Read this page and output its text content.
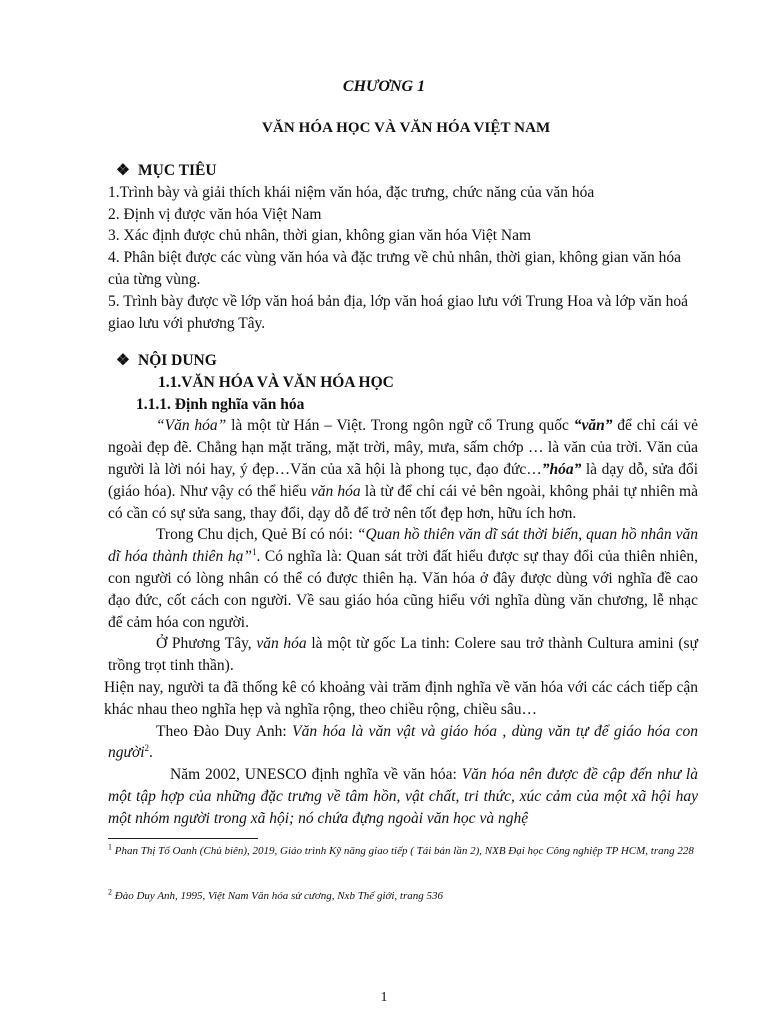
CHƯƠNG 1
VĂN HÓA HỌC VÀ VĂN HÓA VIỆT NAM
❖ MỤC TIÊU
1.Trình bày và giải thích khái niệm văn hóa, đặc trưng, chức năng của văn hóa
2. Định vị được văn hóa Việt Nam
3. Xác định được chủ nhân, thời gian, không gian văn hóa Việt Nam
4. Phân biệt được các vùng văn hóa và đặc trưng về chủ nhân, thời gian, không gian văn hóa của từng vùng.
5. Trình bày được về lớp văn hoá bản địa, lớp văn hoá giao lưu với Trung Hoa và lớp văn hoá giao lưu với phương Tây.
❖ NỘI DUNG
1.1.VĂN HÓA VÀ VĂN HÓA HỌC
1.1.1. Định nghĩa văn hóa
“Văn hóa” là một từ Hán – Việt. Trong ngôn ngữ cổ Trung quốc “văn” để chỉ cái vẻ ngoài đẹp đẽ. Chẳng hạn mặt trăng, mặt trời, mây, mưa, sấm chớp … là văn của trời. Văn của người là lời nói hay, ý đẹp…Văn của xã hội là phong tục, đạo đức…”hóa” là dạy dỗ, sửa đổi (giáo hóa). Như vậy có thể hiểu văn hóa là từ để chỉ cái vẻ bên ngoài, không phải tự nhiên mà có cần có sự sửa sang, thay đổi, dạy dỗ để trở nên tốt đẹp hơn, hữu ích hơn.
Trong Chu dịch, Quẻ Bí có nói: “Quan hồ thiên văn dĩ sát thời biến, quan hồ nhân văn dĩ hóa thành thiên hạ”$^1$. Có nghĩa là: Quan sát trời đất hiểu được sự thay đổi của thiên nhiên, con người có lòng nhân có thể có được thiên hạ. Văn hóa ở đây được dùng với nghĩa đề cao đạo đức, cốt cách con người. Về sau giáo hóa cũng hiểu với nghĩa dùng văn chương, lễ nhạc để cảm hóa con người.
Ở Phương Tây, văn hóa là một từ gốc La tinh: Colere sau trở thành Cultura amini (sự trồng trọt tinh thần).
Hiện nay, người ta đã thống kê có khoảng vài trăm định nghĩa về văn hóa với các cách tiếp cận khác nhau theo nghĩa hẹp và nghĩa rộng, theo chiều rộng, chiều sâu…
Theo Đào Duy Anh: Văn hóa là văn vật và giáo hóa , dùng văn tự để giáo hóa con người$^2$.
Năm 2002, UNESCO định nghĩa về văn hóa: Văn hóa nên được đề cập đến như là một tập hợp của những đặc trưng về tâm hồn, vật chất, tri thức, xúc cảm của một xã hội hay một nhóm người trong xã hội; nó chứa đựng ngoài văn học và nghệ
$^1$ Phan Thị Tố Oanh (Chủ biên), 2019, Giáo trình Kỹ năng giao tiếp ( Tái bản lần 2), NXB Đại học Công nghiệp TP HCM, trang 228
$^2$ Đào Duy Anh, 1995, Việt Nam Văn hóa sử cương, Nxb Thế giới, trang 536
1
